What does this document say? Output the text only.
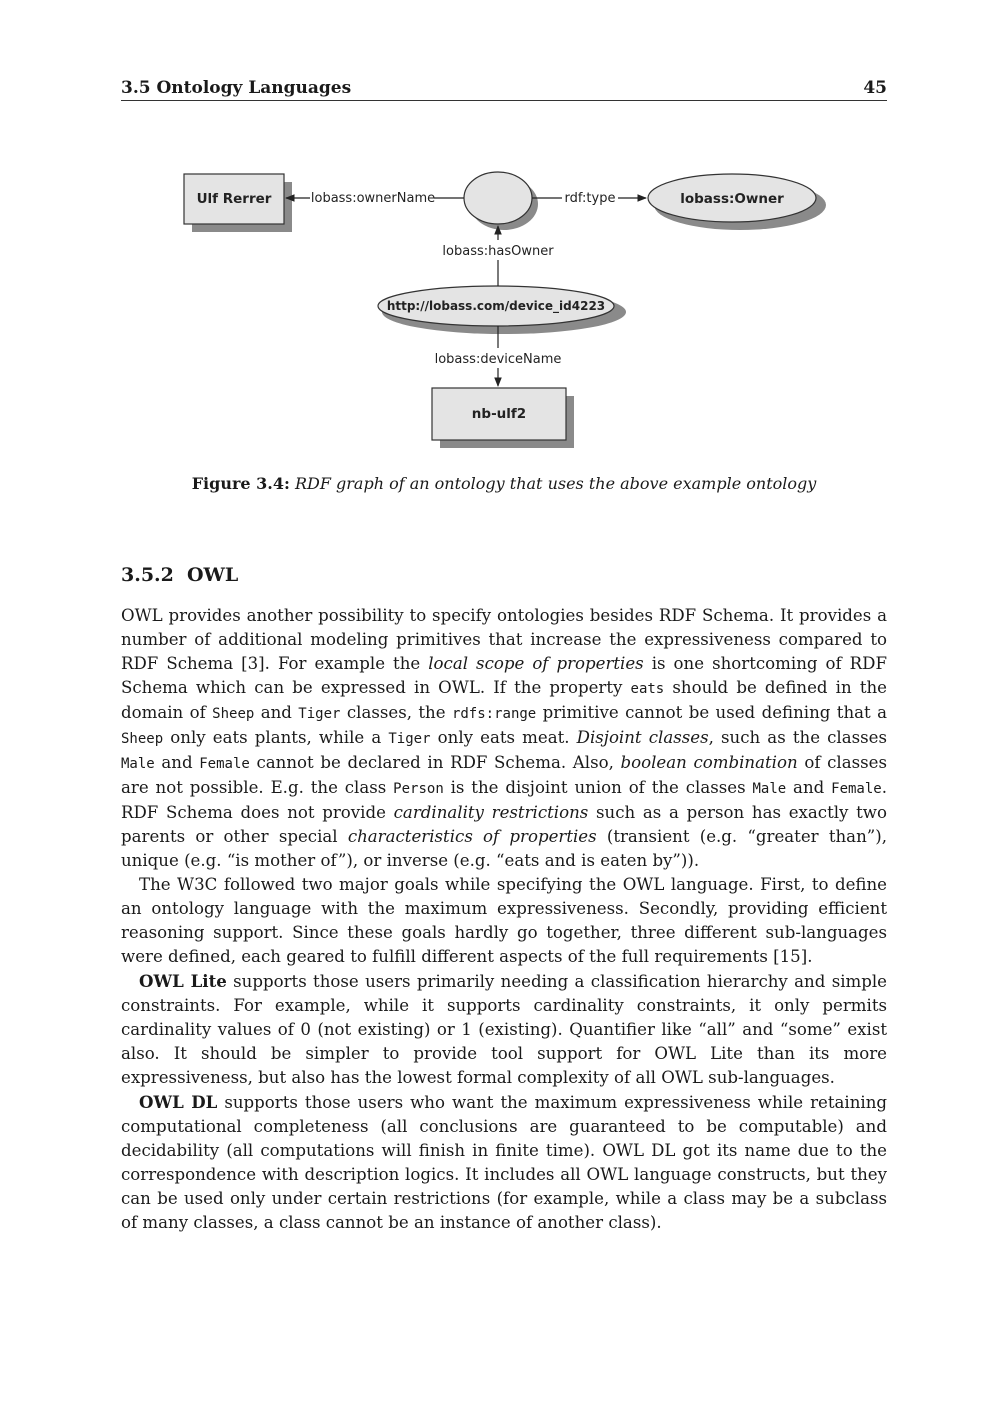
3.5 Ontology Languages	45
Ulf Rerrer	lobass:Owner
http://lobass.com/device_id4223
nb-ulf2
lobass:ownerName	rdf:type
lobass:hasOwner
lobass:deviceName
Figure 3.4: RDF graph of an ontology that uses the above example ontology
3.5.2 OWL

OWL provides another possibility to specify ontologies besides RDF Schema. It provides a number of additional modeling primitives that increase the expressiveness compared to RDF Schema [3]. For example the local scope of properties is one shortcoming of RDF Schema which can be expressed in OWL. If the property eats should be defined in the domain of Sheep and Tiger classes, the rdfs:range primitive cannot be used defining that a Sheep only eats plants, while a Tiger only eats meat. Disjoint classes, such as the classes Male and Female cannot be declared in RDF Schema. Also, boolean combination of classes are not possible. E.g. the class Person is the disjoint union of the classes Male and Female. RDF Schema does not provide cardinality restrictions such as a person has exactly two parents or other special characteristics of properties (transient (e.g. “greater than”), unique (e.g. “is mother of”), or inverse (e.g. “eats and is eaten by”)).

The W3C followed two major goals while specifying the OWL language. First, to define an ontology language with the maximum expressiveness. Secondly, providing efficient reasoning support. Since these goals hardly go together, three different sub-languages were defined, each geared to fulfill different aspects of the full requirements [15].

OWL Lite supports those users primarily needing a classification hierarchy and simple constraints. For example, while it supports cardinality constraints, it only permits cardinality values of 0 (not existing) or 1 (existing). Quantifier like “all” and “some” exist also. It should be simpler to provide tool support for OWL Lite than its more expressiveness, but also has the lowest formal complexity of all OWL sub-languages.

OWL DL supports those users who want the maximum expressiveness while retaining computational completeness (all conclusions are guaranteed to be computable) and decidability (all computations will finish in finite time). OWL DL got its name due to the correspondence with description logics. It includes all OWL language constructs, but they can be used only under certain restrictions (for example, while a class may be a subclass of many classes, a class cannot be an instance of another class).
